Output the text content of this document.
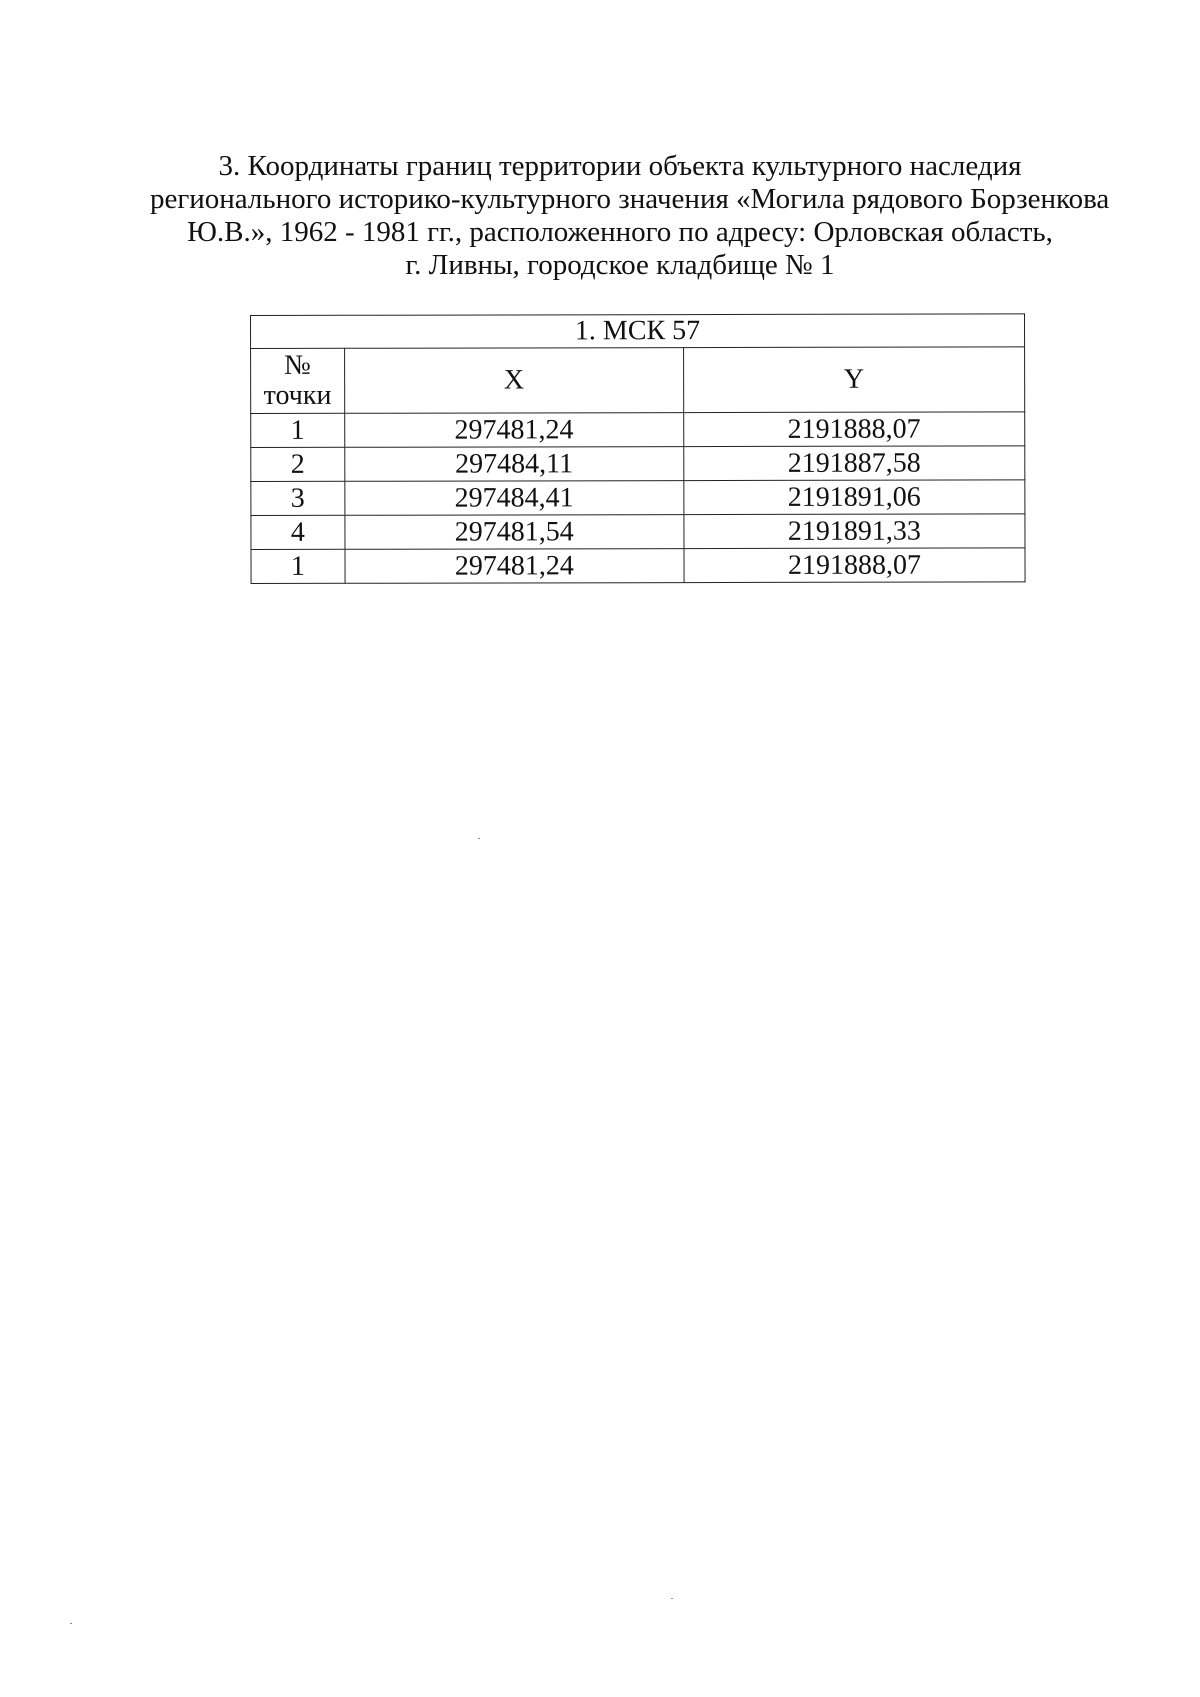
3. Координаты границ территории объекта культурного наследия
регионального историко-культурного значения «Могила рядового Борзенкова
Ю.В.», 1962 - 1981 гг., расположенного по адресу: Орловская область,
г. Ливны, городское кладбище № 1
1. МСК 57		
№
точки	X	Y
1	297481,24	2191888,07
2	297484,11	2191887,58
3	297484,41	2191891,06
4	297481,54	2191891,33
1	297481,24	2191888,07
